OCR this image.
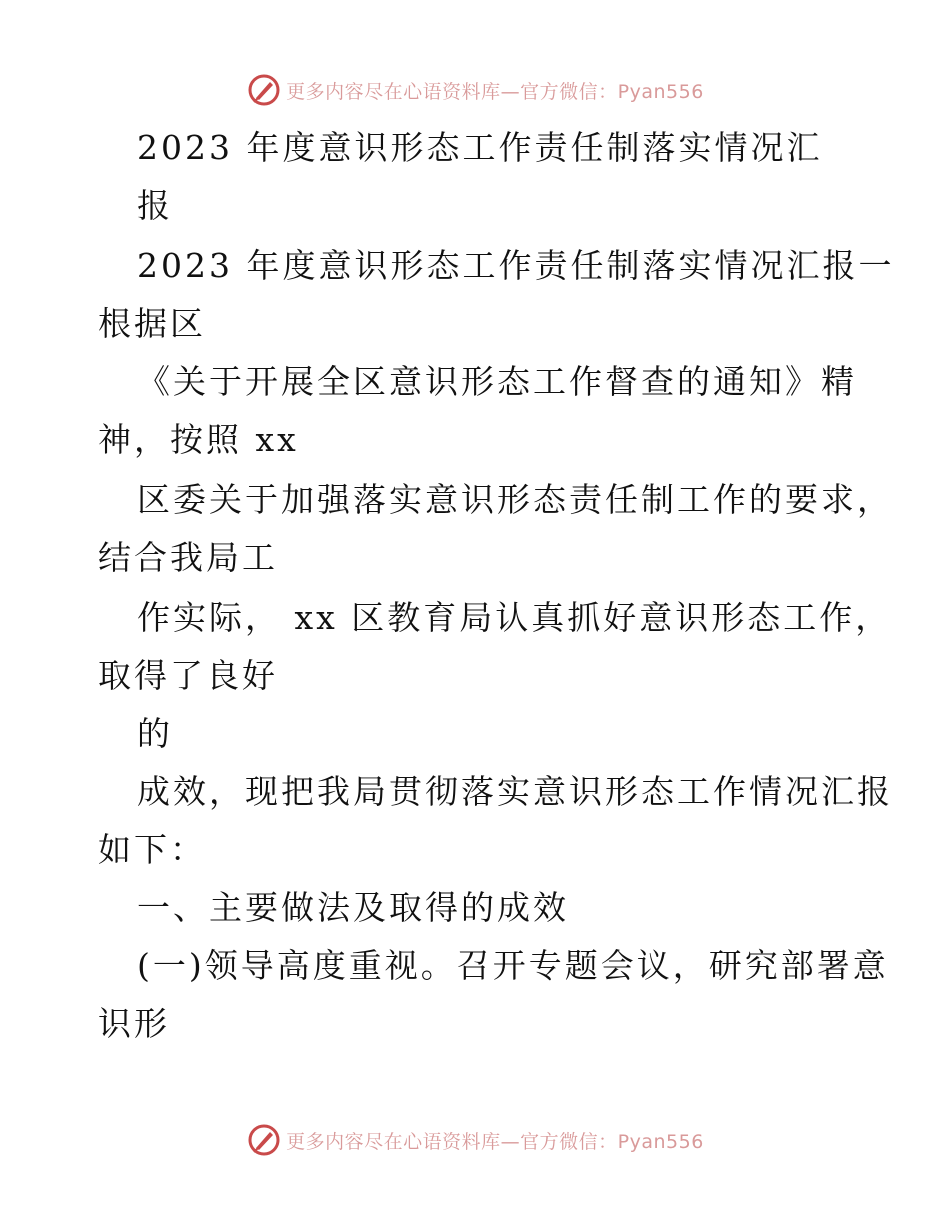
更多内容尽在心语资料库—官方微信：Pyan556
2023 年度意识形态工作责任制落实情况汇
报
2023 年度意识形态工作责任制落实情况汇报一
根据区
《关于开展全区意识形态工作督查的通知》精
神，按照 xx
区委关于加强落实意识形态责任制工作的要求，
结合我局工
作实际， xx 区教育局认真抓好意识形态工作，
取得了良好
的
成效，现把我局贯彻落实意识形态工作情况汇报
如下：
一、主要做法及取得的成效
(一)领导高度重视。召开专题会议，研究部署意
识形
更多内容尽在心语资料库—官方微信：Pyan556
